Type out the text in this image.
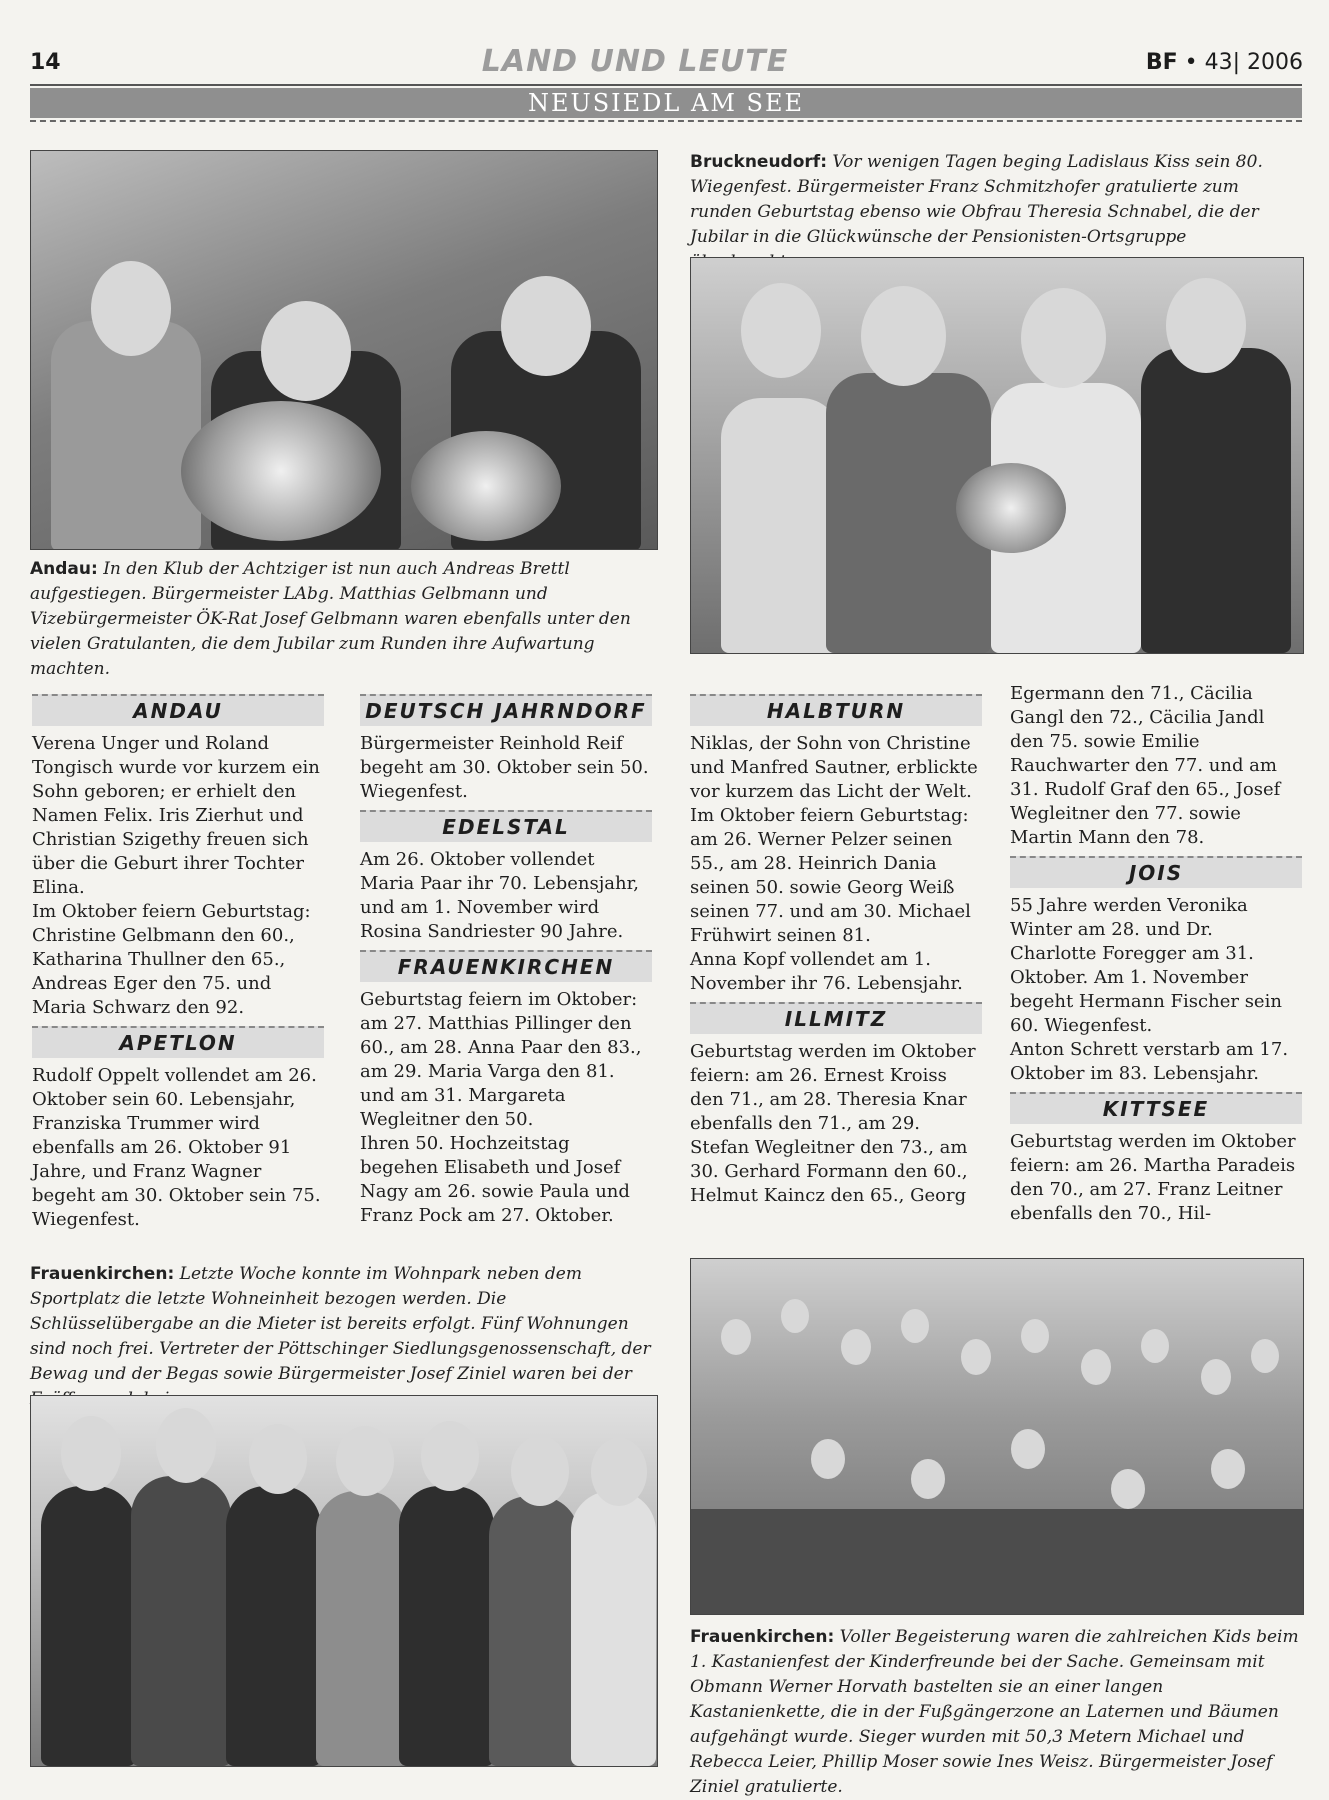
14	LAND UND LEUTE	BF • 43| 2006
NEUSIEDL AM SEE
Andau: In den Klub der Achtziger ist nun auch Andreas Brettl aufgestiegen. Bürgermeister LAbg. Matthias Gelbmann und Vizebürgermeister ÖK-Rat Josef Gelbmann waren ebenfalls unter den vielen Gratulanten, die dem Jubilar zum Runden ihre Aufwartung machten.
Bruckneudorf: Vor wenigen Tagen beging Ladislaus Kiss sein 80. Wiegenfest. Bürgermeister Franz Schmitzhofer gratulierte zum runden Geburtstag ebenso wie Obfrau Theresia Schnabel, die der Jubilar in die Glückwünsche der Pensionisten-Ortsgruppe
ANDAU

Verena Unger und Roland Tongisch wurde vor kurzem ein Sohn geboren; er erhielt den Namen Felix. Iris Zierhut und Christian Szigethy freuen sich über die Geburt ihrer Tochter Elina.

Im Oktober feiern Geburtstag: Christine Gelbmann den 60., Katharina Thullner den 65., Andreas Eger den 75. und Maria Schwarz den 92.

APETLON

Rudolf Oppelt vollendet am 26. Oktober sein 60. Lebensjahr, Franziska Trummer wird ebenfalls am 26. Oktober 91 Jahre, und Franz Wagner begeht am 30. Oktober sein 75. Wiegenfest.

DEUTSCH JAHRNDORF

Bürgermeister Reinhold Reif begeht am 30. Oktober sein 50. Wiegenfest.

EDELSTAL

Am 26. Oktober vollendet Maria Paar ihr 70. Lebensjahr, und am 1. November wird Rosina Sandriester 90 Jahre.

FRAUENKIRCHEN

Geburtstag feiern im Oktober: am 27. Matthias Pillinger den 60., am 28. Anna Paar den 83., am 29. Maria Varga den 81. und am 31. Margareta Wegleitner den 50.

Ihren 50. Hochzeitstag begehen Elisabeth und Josef Nagy am 26. sowie Paula und Franz Pock am 27. Oktober.

HALBTURN

Niklas, der Sohn von Christine und Manfred Sautner, erblickte vor kurzem das Licht der Welt.

Im Oktober feiern Geburtstag: am 26. Werner Pelzer seinen 55., am 28. Heinrich Dania seinen 50. sowie Georg Weiß seinen 77. und am 30. Michael Frühwirt seinen 81.

Anna Kopf vollendet am 1. November ihr 76. Lebensjahr.

ILLMITZ

Geburtstag werden im Oktober feiern: am 26. Ernest Kroiss den 71., am 28. Theresia Knar ebenfalls den 71., am 29. Stefan Wegleitner den 73., am 30. Gerhard Formann den 60., Helmut Kaincz den 65., Georg

Egermann den 71., Cäcilia Gangl den 72., Cäcilia Jandl den 75. sowie Emilie Rauchwarter den 77. und am 31. Rudolf Graf den 65., Josef Wegleitner den 77. sowie Martin Mann den 78.

JOIS

55 Jahre werden Veronika Winter am 28. und Dr. Charlotte Foregger am 31. Oktober. Am 1. November begeht Hermann Fischer sein 60. Wiegenfest.

Anton Schrett verstarb am 17. Oktober im 83. Lebensjahr.

KITTSEE

Geburtstag werden im Oktober feiern: am 26. Martha Paradeis den 70., am 27. Franz Leitner ebenfalls den 70., Hil-

Frauenkirchen: Letzte Woche konnte im Wohnpark neben dem Sportplatz die letzte Wohneinheit bezogen werden. Die Schlüsselübergabe an die Mieter ist bereits erfolgt. Fünf Wohnungen sind noch frei. Vertreter der Pöttschinger Siedlungsgenossenschaft, der Bewag und der Begas sowie Bürgermeister Josef Ziniel waren bei der
Frauenkirchen: Voller Begeisterung waren die zahlreichen Kids beim 1. Kastanienfest der Kinderfreunde bei der Sache. Gemeinsam mit Obmann Werner Horvath bastelten sie an einer langen Kastanienkette, die in der Fußgängerzone an Laternen und Bäumen aufgehängt wurde. Sieger wurden mit 50,3 Metern Michael und Rebecca Leier, Phillip Moser sowie Ines Weisz. Bürgermeister Josef Ziniel gratulierte.
